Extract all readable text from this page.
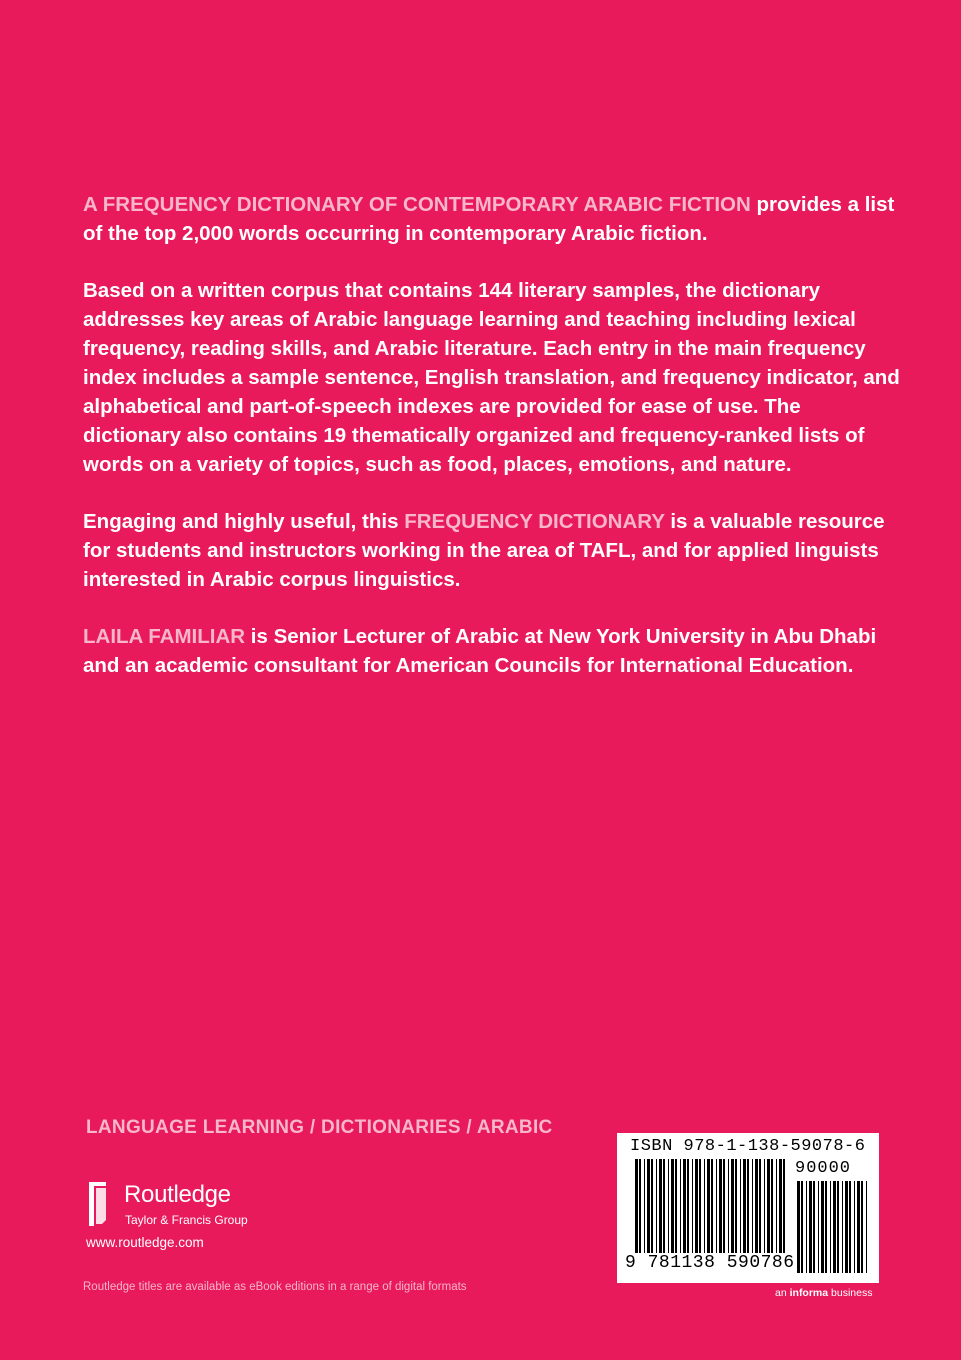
A FREQUENCY DICTIONARY OF CONTEMPORARY ARABIC FICTION provides a list of the top 2,000 words occurring in contemporary Arabic fiction.

Based on a written corpus that contains 144 literary samples, the dictionary addresses key areas of Arabic language learning and teaching including lexical frequency, reading skills, and Arabic literature. Each entry in the main frequency index includes a sample sentence, English translation, and frequency indicator, and alphabetical and part-of-speech indexes are provided for ease of use. The dictionary also contains 19 thematically organized and frequency-ranked lists of words on a variety of topics, such as food, places, emotions, and nature.

Engaging and highly useful, this FREQUENCY DICTIONARY is a valuable resource for students and instructors working in the area of TAFL, and for applied linguists interested in Arabic corpus linguistics.

LAILA FAMILIAR is Senior Lecturer of Arabic at New York University in Abu Dhabi and an academic consultant for American Councils for International Education.

LANGUAGE LEARNING / DICTIONARIES / ARABIC
Routledge
Taylor & Francis Group
www.routledge.com
Routledge titles are available as eBook editions in a range of digital formats
ISBN 978-1-138-59078-6
90000
9 781138 590786
an informa business
